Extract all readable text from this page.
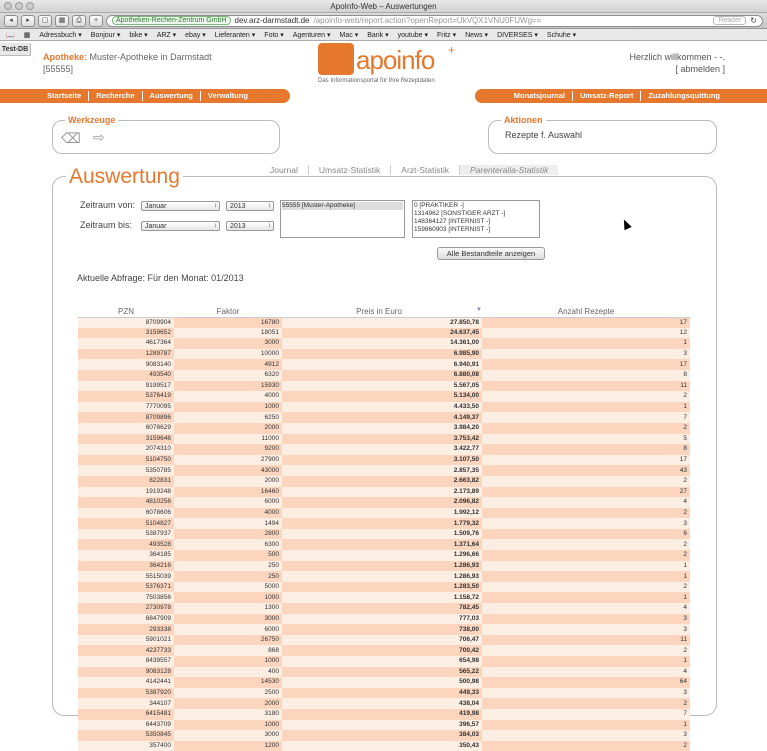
ApoInfo-Web – Auswertungen
◂	▸	▢	▦	⎙	+	Apotheken-Rechen-Zentrum GmbH	dev.arz-darmstadt.de /apoinfo-web/report.action?openReport=UkVQX1VNU0FUWg==	Reader	↻
📖 ▦ Adressbuch ▾ Bonjour ▾ bike ▾ ARZ ▾ ebay ▾ Lieferanten ▾ Foto ▾ Agenturen ▾ Mac ▾ Bank ▾ youtube ▾ Fritz ▾ News ▾ DIVERSES ▾ Schuhe ▾
Test-DB
Apotheke: Muster-Apotheke in Darmstadt
[55555]	apoinfo +
Das Informationsportal für Ihre Rezeptdaten
Herzlich willkommen - -.
[ abmelden ]
Startseite	Recherche	Auswertung	Verwaltung	Monatsjournal	Umsatz-Report	Zuzahlungsquittung
Werkzeuge
⌫ ⇨
Aktionen
Rezepte f. Auswahl
Auswertung	Journal	Umsatz-Statistik	Arzt-Statistik	Parenteralia-Statistik
Zeitraum von:
Zeitraum bis:
Januar ↕	2013 ↕
Januar ↕	2013 ↕
55555 [Muster-Apotheke]	0 [PRAKTIKER -]
1314962 [SONSTIGER ARZT -]
148364127 [INTERNIST -]
159860903 [INTERNIST -]
Alle Bestandteile anzeigen
Aktuelle Abfrage: Für den Monat: 01/2013
PZN	Faktor	Preis in Euro ▼	Anzahl Rezepte
8709904	16780	27.850,78	17
3159652	18051	24.637,45	12
4617364	3000	14.361,00	1
1289787	10000	6.985,90	3
9083140	4912	6.940,91	17
493540	6320	6.880,08	8
9199517	15930	5.567,05	11
5376419	4000	5.134,00	2
7770095	1000	4.433,50	1
8709896	6250	4.149,37	7
6078629	2000	3.984,20	2
3159646	11000	3.753,42	5
2074310	9200	3.422,77	8
5104750	27900	3.107,50	17
5350785	43000	2.857,35	43
822831	2000	2.663,82	2
1919248	16460	2.173,89	27
4810256	6000	2.096,82	4
6078606	4000	1.992,12	2
5104827	1494	1.779,32	3
5387937	2800	1.509,76	6
493528	6300	1.371,64	2
364185	500	1.296,66	2
364216	250	1.286,93	1
5515039	250	1.286,93	1
5376371	5000	1.283,50	2
7503856	1000	1.158,72	1
2730978	1300	782,45	4
6847909	3000	777,03	3
293338	6000	738,00	3
5901021	26750	706,47	11
4237733	868	700,42	2
8439557	1000	654,98	1
9083128	400	565,22	4
4142441	14530	500,98	64
5387920	2500	449,33	3
344107	2000	438,04	2
6415481	3180	419,98	7
6443709	1000	396,57	1
5350845	3000	384,03	3
357400	1200	350,43	2
